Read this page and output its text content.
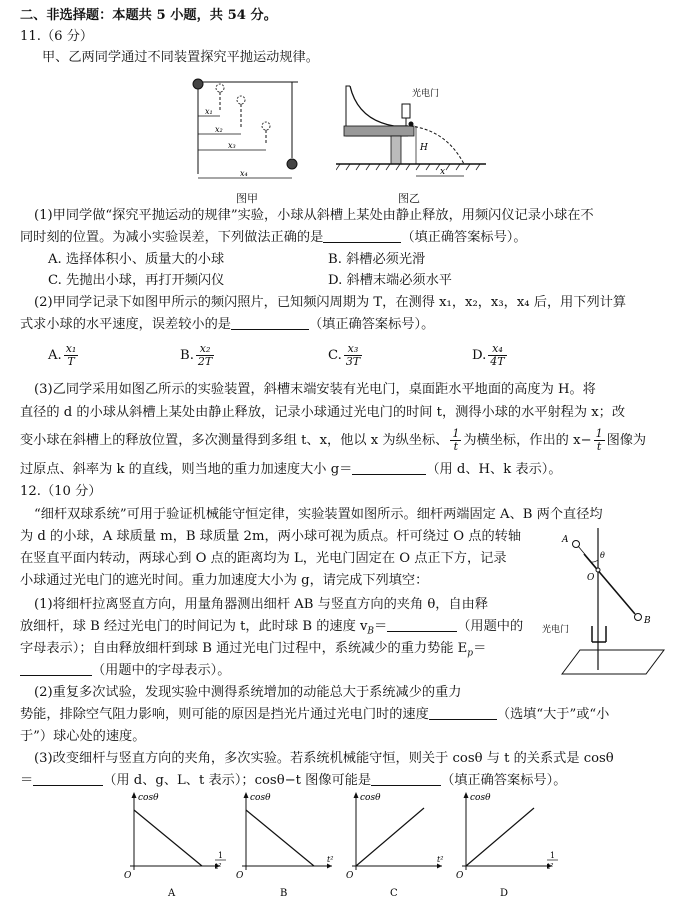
二、非选择题：本题共 5 小题，共 54 分。
11.（6 分）
甲、乙两同学通过不同装置探究平抛运动规律。
x₁
x₂
x₃
x₄
图甲
光电门
H
x
图乙
(1)甲同学做“探究平抛运动的规律”实验，小球从斜槽上某处由静止释放，用频闪仪记录小球在不
同时刻的位置。为减小实验误差，下列做法正确的是	（填正确答案标号）。
A. 选择体积小、质量大的小球	B. 斜槽必须光滑
C. 先抛出小球，再打开频闪仪	D. 斜槽末端必须水平
(2)甲同学记录下如图甲所示的频闪照片，已知频闪周期为 T，在测得 x₁，x₂，x₃，x₄ 后，用下列计算
式求小球的水平速度，误差较小的是	（填正确答案标号）。
A. $\frac{\text{x₁}}{T}$	B. $\frac{\text{x₂}}{2T}$	C. $\frac{\text{x₃}}{3T}$	D. $\frac{\text{x₄}}{4T}$
(3)乙同学采用如图乙所示的实验装置，斜槽末端安装有光电门，桌面距水平地面的高度为 H。将
直径的 d 的小球从斜槽上某处由静止释放，记录小球通过光电门的时间 t，测得小球的水平射程为 x；改
变小球在斜槽上的释放位置，多次测量得到多组 t、x，他以 x 为纵坐标、 $\frac{1}{t}$ 为横坐标，作出的 $x- \frac{1}{t}$ 图像为
过原点、斜率为 k 的直线，则当地的重力加速度大小 g＝	（用 d、H、k 表示）。
12.（10 分）
“细杆双球系统”可用于验证机械能守恒定律，实验装置如图所示。细杆两端固定 A、B 两个直径均
为 d 的小球，A 球质量 m，B 球质量 2m，两小球可视为质点。杆可绕过 O 点的转轴
在竖直平面内转动，两球心到 O 点的距离均为 L，光电门固定在 O 点正下方，记录
小球通过光电门的遮光时间。重力加速度大小为 g，请完成下列填空：
(1)将细杆拉离竖直方向，用量角器测出细杆 AB 与竖直方向的夹角 θ，自由释
放细杆，球 B 经过光电门的时间记为 t，此时球 B 的速度 $v_B=$	（用题中的
字母表示）；自由释放细杆到球 B 通过光电门过程中，系统减少的重力势能 $E_p=$
（用题中的字母表示）。
A
B
O
θ
光电门
(2)重复多次试验，发现实验中测得系统增加的动能总大于系统减少的重力
势能，排除空气阻力影响，则可能的原因是挡光片通过光电门时的速度	（选填“大于”或“小
于”）球心处的速度。
(3)改变细杆与竖直方向的夹角，多次实验。若系统机械能守恒，则关于 cosθ 与 t 的关系式是 cosθ
＝	（用 d、g、L、t 表示）；cosθ−t 图像可能是	（填正确答案标号）。
cosθ
O
1
t²
A
cosθ
O
t²
B
cosθ
O
t²
C
cosθ
O
1
t²
D
